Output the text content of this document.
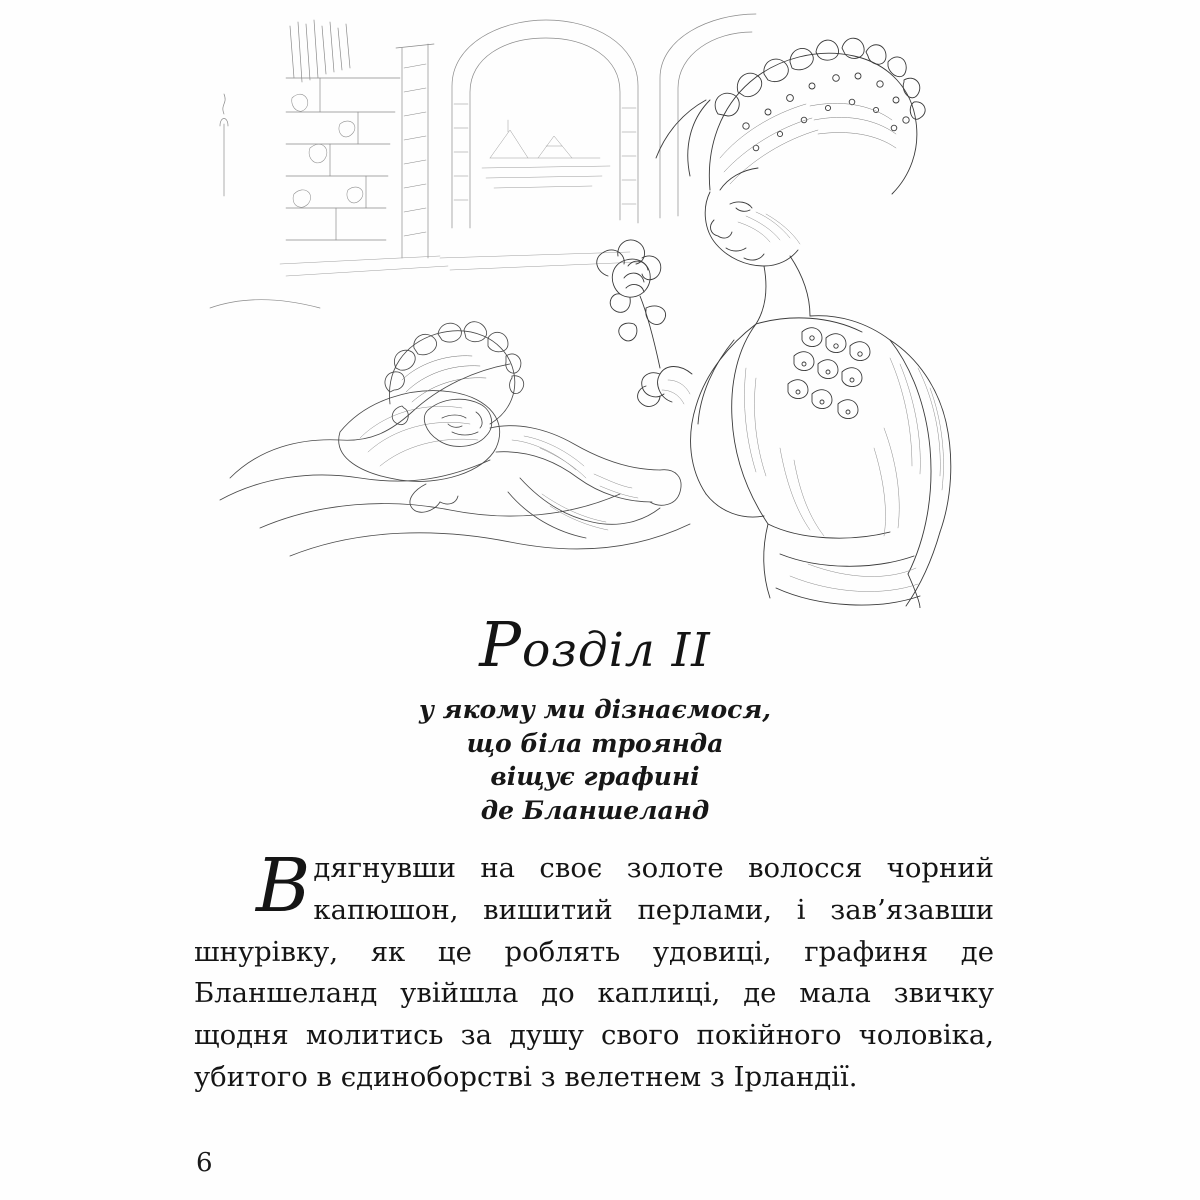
Розділ II
у якому ми дізнаємося,
що біла троянда
віщує графині
де Бланшеланд
Вдягнувши на своє золоте волосся чорний капюшон, вишитий перлами, і зав’язавши шнурівку, як це роблять удовиці, графиня де Бланшеланд увійшла до каплиці, де мала звичку щодня молитись за душу свого покійного чоловіка, убитого в єдиноборстві з велетнем з Ірландії.
6
